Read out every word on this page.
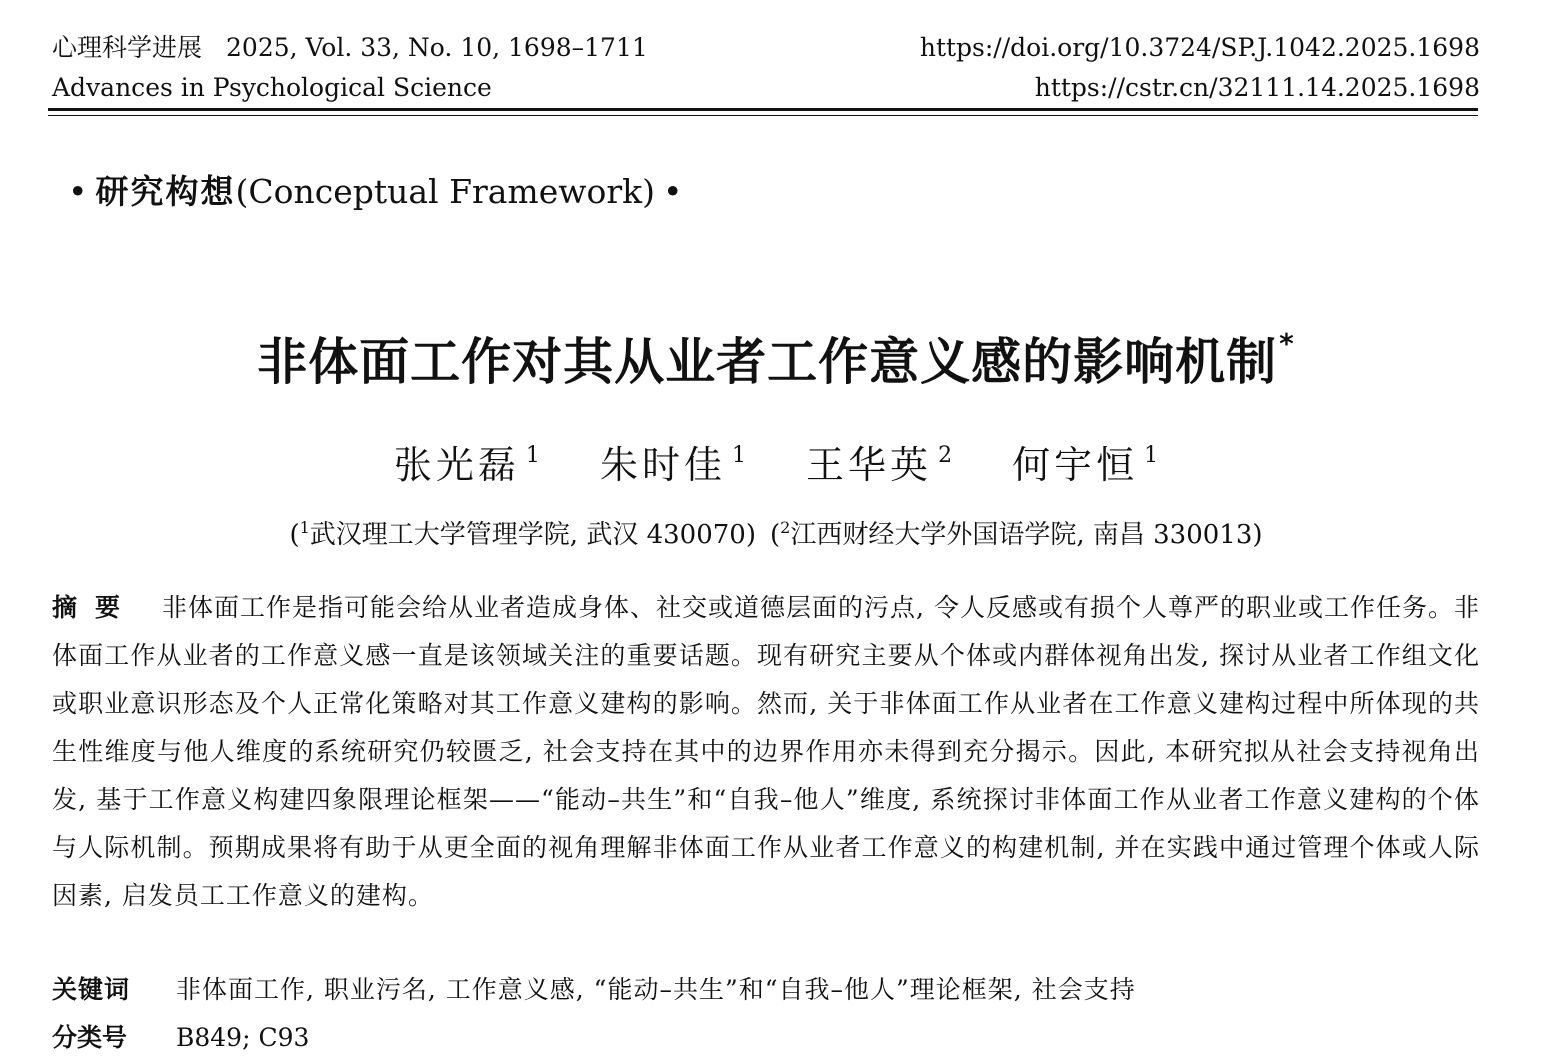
心理科学进展 2025, Vol. 33, No. 10, 1698–1711
Advances in Psychological Science
https://doi.org/10.3724/SP.J.1042.2025.1698
https://cstr.cn/32111.14.2025.1698
• 研究构想(Conceptual Framework) •
非体面工作对其从业者工作意义感的影响机制*
张光磊 $^1$ 朱时佳 $^1$ 王华英 $^2$ 何宇恒 $^1$
($^1$武汉理工大学管理学院, 武汉 430070) ($^2$江西财经大学外国语学院, 南昌 330013)
摘要 非体面工作是指可能会给从业者造成身体、社交或道德层面的污点, 令人反感或有损个人尊严的职业或工作任务。非体面工作从业者的工作意义感一直是该领域关注的重要话题。现有研究主要从个体或内群体视角出发, 探讨从业者工作组文化或职业意识形态及个人正常化策略对其工作意义建构的影响。然而, 关于非体面工作从业者在工作意义建构过程中所体现的共生性维度与他人维度的系统研究仍较匮乏, 社会支持在其中的边界作用亦未得到充分揭示。因此, 本研究拟从社会支持视角出发, 基于工作意义构建四象限理论框架——“能动–共生”和“自我–他人”维度, 系统探讨非体面工作从业者工作意义建构的个体与人际机制。预期成果将有助于从更全面的视角理解非体面工作从业者工作意义的构建机制, 并在实践中通过管理个体或人际因素, 启发员工工作意义的建构。
关键词 非体面工作, 职业污名, 工作意义感, “能动–共生”和“自我–他人”理论框架, 社会支持
分类号 B849; C93
